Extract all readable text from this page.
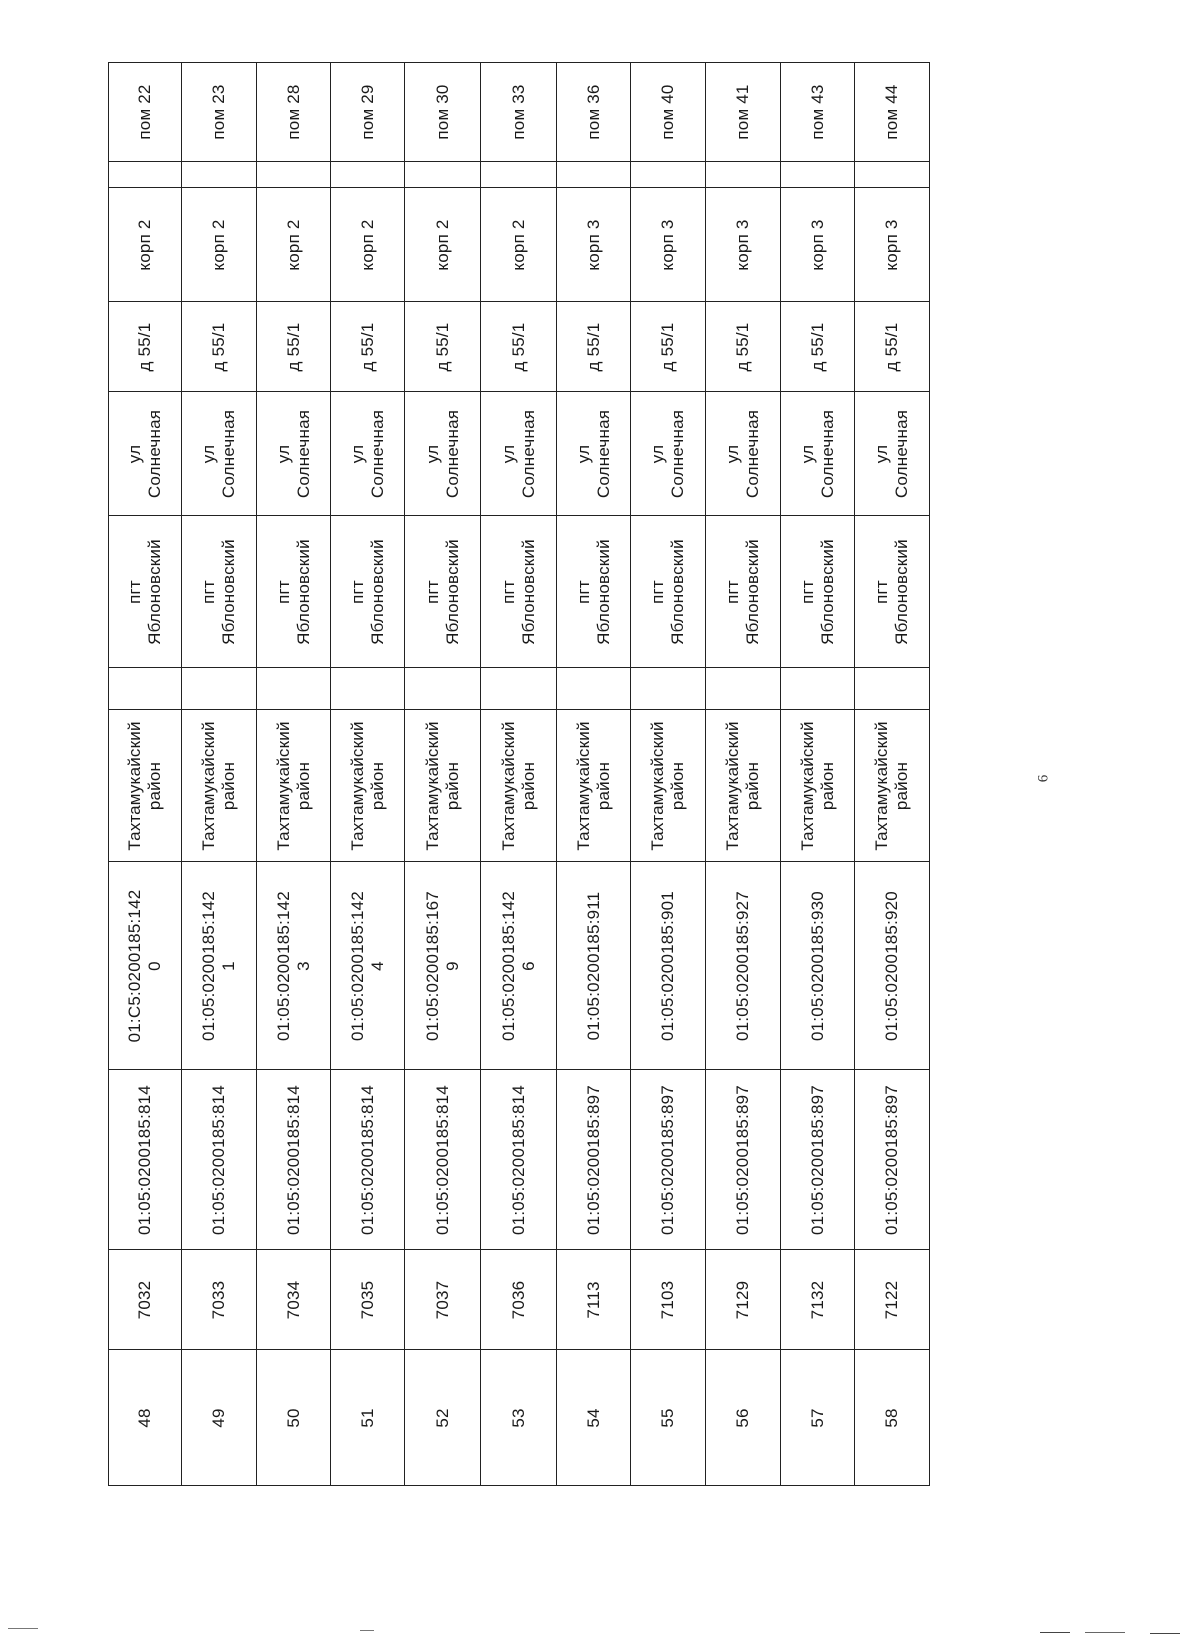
пом 22
корп 2
д 55/1
ул
Солнечная
пгт
Яблоновский
Тахтамукайский
район
01:C5:0200185:142
0
01:05:0200185:814
7032
48
пом 23
корп 2
д 55/1
ул
Солнечная
пгт
Яблоновский
Тахтамукайский
район
01:05:0200185:142
1
01:05:0200185:814
7033
49
пом 28
корп 2
д 55/1
ул
Солнечная
пгт
Яблоновский
Тахтамукайский
район
01:05:0200185:142
3
01:05:0200185:814
7034
50
пом 29
корп 2
д 55/1
ул
Солнечная
пгт
Яблоновский
Тахтамукайский
район
01:05:0200185:142
4
01:05:0200185:814
7035
51
пом 30
корп 2
д 55/1
ул
Солнечная
пгт
Яблоновский
Тахтамукайский
район
01:05:0200185:167
9
01:05:0200185:814
7037
52
пом 33
корп 2
д 55/1
ул
Солнечная
пгт
Яблоновский
Тахтамукайский
район
01:05:0200185:142
6
01:05:0200185:814
7036
53
пом 36
корп 3
д 55/1
ул
Солнечная
пгт
Яблоновский
Тахтамукайский
район
01:05:0200185:911
01:05:0200185:897
7113
54
пом 40
корп 3
д 55/1
ул
Солнечная
пгт
Яблоновский
Тахтамукайский
район
01:05:0200185:901
01:05:0200185:897
7103
55
пом 41
корп 3
д 55/1
ул
Солнечная
пгт
Яблоновский
Тахтамукайский
район
01:05:0200185:927
01:05:0200185:897
7129
56
пом 43
корп 3
д 55/1
ул
Солнечная
пгт
Яблоновский
Тахтамукайский
район
01:05:0200185:930
01:05:0200185:897
7132
57
пом 44
корп 3
д 55/1
ул
Солнечная
пгт
Яблоновский
Тахтамукайский
район
01:05:0200185:920
01:05:0200185:897
7122
58
6
